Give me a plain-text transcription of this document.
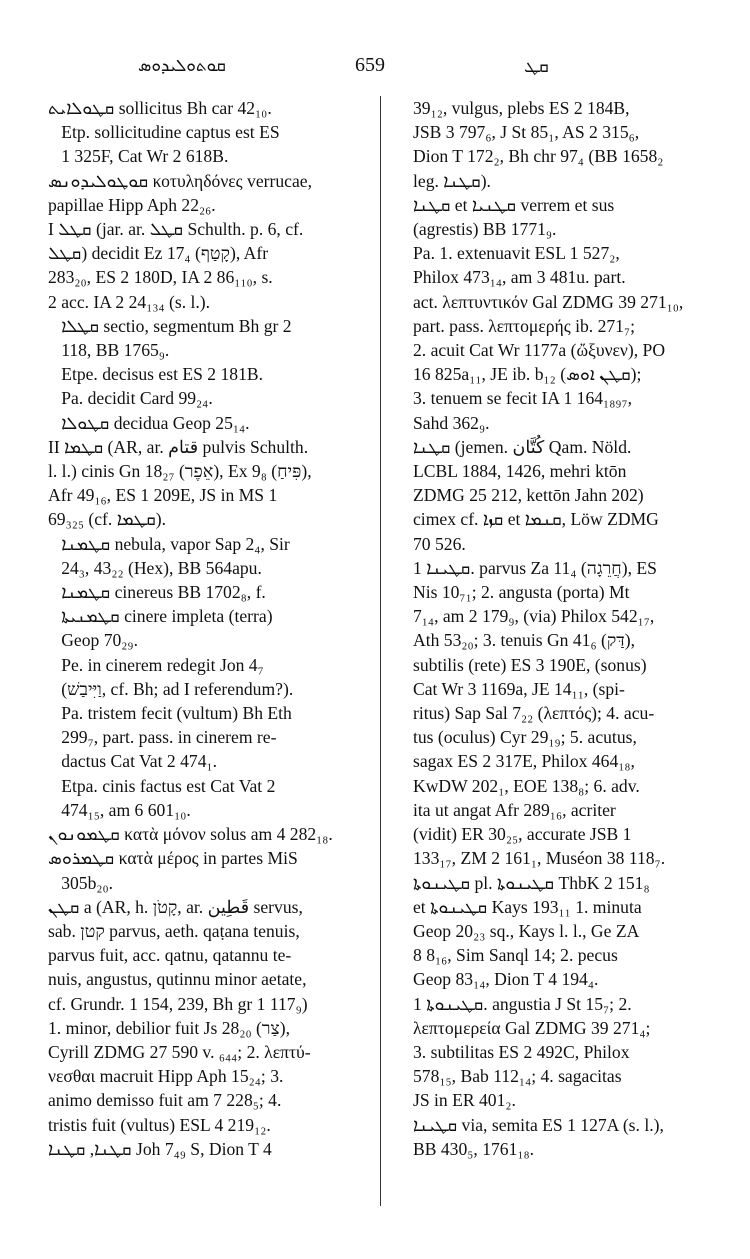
ܩܘܬܘܠܝܕܘܣ	659	ܩܛ
ܩܛܘܠܐܝܬ sollicitus Bh car 42₁₀.
Etp. sollicitudine captus est ES
1 325F, Cat Wr 2 618B.
ܩܘܛܘܠܝܕܘܢܣ κοτυληδόνες verrucae,
papillae Hipp Aph 22₂₆.
I ܩܛܠ (jar. ar. ܩܛܠ Schulth. p. 6, cf.
ܩܛܠ) decidit Ez 17₄ (קָטַף), Afr
283₂₀, ES 2 180D, IA 2 86₁₁₀, s.
2 acc. IA 2 24₁₃₄ (s. l.).
ܩܛܠܐ sectio, segmentum Bh gr 2
118, BB 1765₉.
Etpe. decisus est ES 2 181B.
Pa. decidit Card 99₂₄.
ܩܛܘܠܐ decidua Geop 25₁₄.
II ܩܛܡܐ (AR, ar. قتام pulvis Schulth.
l. l.) cinis Gn 18₂₇ (אֵפֶר), Ex 9₈ (פִּיחַ),
Afr 49₁₆, ES 1 209E, JS in MS 1
69₃₂₅ (cf. ܩܛܡܐ).
ܩܛܡܢܐ nebula, vapor Sap 2₄, Sir
24₃, 43₂₂ (Hex), BB 564apu.
ܩܛܡܢܐ cinereus BB 1702₈, f.
ܩܛܡܢܝܬܐ cinere impleta (terra)
Geop 70₂₉.
Pe. in cinerem redegit Jon 4₇
(וַיִּיבַשׁ, cf. Bh; ad I referendum?).
Pa. tristem fecit (vultum) Bh Eth
299₇, part. pass. in cinerem re-
dactus Cat Vat 2 474₁.
Etpa. cinis factus est Cat Vat 2
474₁₅, am 6 601₁₀.
ܩܛܡܘܢܘܢ κατὰ μόνον solus am 4 282₁₈.
ܩܛܡܪܘܣ κατὰ μέρος in partes MiS
305b₂₀.
ܩܛܢ a (AR, h. קָטֹן, ar. قَطِين servus,
sab. קטן parvus, aeth. qaṭana tenuis,
parvus fuit, acc. qatnu, qatannu te-
nuis, angustus, qutinnu minor aetate,
cf. Grundr. 1 154, 239, Bh gr 1 117₉)
1. minor, debilior fuit Js 28₂₀ (צַר),
Cyrill ZDMG 27 590 v. ₆₄₄; 2. λεπτύ-
νεσθαι macruit Hipp Aph 15₂₄; 3.
animo demisso fuit am 7 228₅; 4.
tristis fuit (vultus) ESL 4 219₁₂.
ܩܛܢܐ, ܩܛܢܐ Joh 7₄₉ S, Dion T 4
39₁₂, vulgus, plebs ES 2 184B,
JSB 3 797₆, J St 85₁, AS 2 315₆,
Dion T 172₂, Bh chr 97₄ (BB 1658₂
leg. ܩܛܢܐ).
ܩܛܢܐ et ܩܛܢܝܐ verrem et sus
(agrestis) BB 1771₉.
Pa. 1. extenuavit ESL 1 527₂,
Philox 473₁₄, am 3 481u. part.
act. λεπτυντικόν Gal ZDMG 39 271₁₀,
part. pass. λεπτομερής ib. 271₇;
2. acuit Cat Wr 1177a (ὤξυνεν), PO
16 825a₁₁, JE ib. b₁₂ (ܩܛܢ ܐܘܣ);
3. tenuem se fecit IA 1 164₁₈₉₇,
Sahd 362₉.
ܩܛܢܐ (jemen. كُتَّان Qam. Nöld.
LCBL 1884, 1426, mehri ktōn
ZDMG 25 212, kettōn Jahn 202)
cimex cf. ܩܙܐ et ܩܢܡܐ, Löw ZDMG
70 526.
ܩܛܝܢܐ 1. parvus Za 11₄ (חֲרֵגָה), ES
Nis 10₇₁; 2. angusta (porta) Mt
7₁₄, am 2 179₉, (via) Philox 542₁₇,
Ath 53₂₀; 3. tenuis Gn 41₆ (דַּק),
subtilis (rete) ES 3 190E, (sonus)
Cat Wr 3 1169a, JE 14₁₁, (spi-
ritus) Sap Sal 7₂₂ (λεπτός); 4. acu-
tus (oculus) Cyr 29₁₉; 5. acutus,
sagax ES 2 317E, Philox 464₁₈,
KwDW 202₁, EOE 138₈; 6. adv.
ita ut angat Afr 289₁₆, acriter
(vidit) ER 30₂₅, accurate JSB 1
133₁₇, ZM 2 161₁, Muséon 38 118₇.
ܩܛܝܢܘܬܐ pl. ܩܛܝܢܘܬܐ ThbK 2 151₈
et ܩܛܝܢܘܬܐ Kays 193₁₁ 1. minuta
Geop 20₂₃ sq., Kays l. l., Ge ZA
8 8₁₆, Sim Sanql 14; 2. pecus
Geop 83₁₄, Dion T 4 194₄.
ܩܛܝܢܘܬܐ 1. angustia J St 15₇; 2.
λεπτομερεία Gal ZDMG 39 271₄;
3. subtilitas ES 2 492C, Philox
578₁₅, Bab 112₁₄; 4. sagacitas
JS in ER 401₂.
ܩܛܝܢܐ via, semita ES 1 127A (s. l.),
BB 430₅, 1761₁₈.
